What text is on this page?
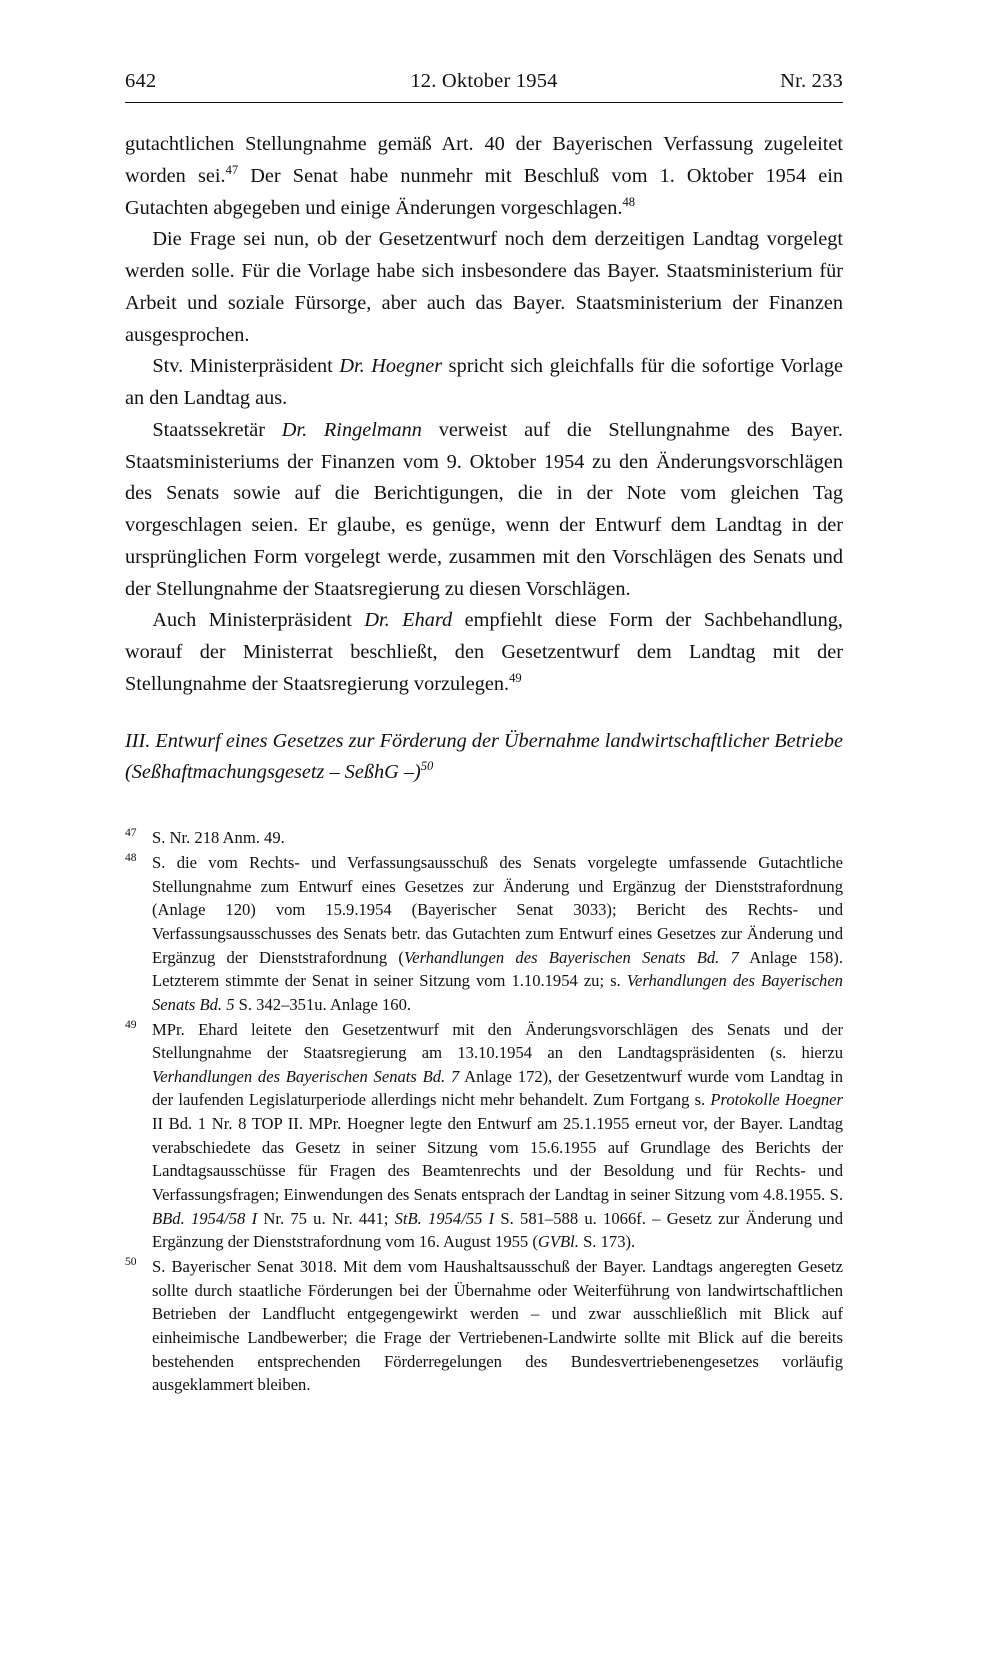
642	12. Oktober 1954	Nr. 233

gutachtlichen Stellungnahme gemäß Art. 40 der Bayerischen Verfassung zugeleitet worden sei.$^{47}$ Der Senat habe nunmehr mit Beschluß vom 1. Oktober 1954 ein Gutachten abgegeben und einige Änderungen vorgeschlagen.$^{48}$

Die Frage sei nun, ob der Gesetzentwurf noch dem derzeitigen Landtag vorgelegt werden solle. Für die Vorlage habe sich insbesondere das Bayer. Staatsministerium für Arbeit und soziale Fürsorge, aber auch das Bayer. Staatsministerium der Finanzen ausgesprochen.

Stv. Ministerpräsident Dr. Hoegner spricht sich gleichfalls für die sofortige Vorlage an den Landtag aus.

Staatssekretär Dr. Ringelmann verweist auf die Stellungnahme des Bayer. Staatsministeriums der Finanzen vom 9. Oktober 1954 zu den Änderungsvorschlägen des Senats sowie auf die Berichtigungen, die in der Note vom gleichen Tag vorgeschlagen seien. Er glaube, es genüge, wenn der Entwurf dem Landtag in der ursprünglichen Form vorgelegt werde, zusammen mit den Vorschlägen des Senats und der Stellungnahme der Staatsregierung zu diesen Vorschlägen.

Auch Ministerpräsident Dr. Ehard empfiehlt diese Form der Sachbehandlung, worauf der Ministerrat beschließt, den Gesetzentwurf dem Landtag mit der Stellungnahme der Staatsregierung vorzulegen.$^{49}$

III. Entwurf eines Gesetzes zur Förderung der Übernahme landwirtschaftlicher Betriebe (Seßhaftmachungsgesetz – SeßhG –)$^{50}$
47 S. Nr. 218 Anm. 49.
48 S. die vom Rechts- und Verfassungsausschuß des Senats vorgelegte umfassende Gutachtliche Stellungnahme zum Entwurf eines Gesetzes zur Änderung und Ergänzug der Dienststrafordnung (Anlage 120) vom 15.9.1954 (Bayerischer Senat 3033); Bericht des Rechts- und Verfassungsausschusses des Senats betr. das Gutachten zum Entwurf eines Gesetzes zur Änderung und Ergänzug der Dienststrafordnung (Verhandlungen des Bayerischen Senats Bd. 7 Anlage 158). Letzterem stimmte der Senat in seiner Sitzung vom 1.10.1954 zu; s. Verhandlungen des Bayerischen Senats Bd. 5 S. 342–351u. Anlage 160.
49 MPr. Ehard leitete den Gesetzentwurf mit den Änderungsvorschlägen des Senats und der Stellungnahme der Staatsregierung am 13.10.1954 an den Landtagspräsidenten (s. hierzu Verhandlungen des Bayerischen Senats Bd. 7 Anlage 172), der Gesetzentwurf wurde vom Landtag in der laufenden Legislaturperiode allerdings nicht mehr behandelt. Zum Fortgang s. Protokolle Hoegner II Bd. 1 Nr. 8 TOP II. MPr. Hoegner legte den Entwurf am 25.1.1955 erneut vor, der Bayer. Landtag verabschiedete das Gesetz in seiner Sitzung vom 15.6.1955 auf Grundlage des Berichts der Landtagsausschüsse für Fragen des Beamtenrechts und der Besoldung und für Rechts- und Verfassungsfragen; Einwendungen des Senats entsprach der Landtag in seiner Sitzung vom 4.8.1955. S. BBd. 1954/58 I Nr. 75 u. Nr. 441; StB. 1954/55 I S. 581–588 u. 1066f. – Gesetz zur Änderung und Ergänzung der Dienststrafordnung vom 16. August 1955 (GVBl. S. 173).
50 S. Bayerischer Senat 3018. Mit dem vom Haushaltsausschuß der Bayer. Landtags angeregten Gesetz sollte durch staatliche Förderungen bei der Übernahme oder Weiterführung von landwirtschaftlichen Betrieben der Landflucht entgegengewirkt werden – und zwar ausschließlich mit Blick auf einheimische Landbewerber; die Frage der Vertriebenen-Landwirte sollte mit Blick auf die bereits bestehenden entsprechenden Förderregelungen des Bundesvertriebenengesetzes vorläufig ausgeklammert bleiben.
